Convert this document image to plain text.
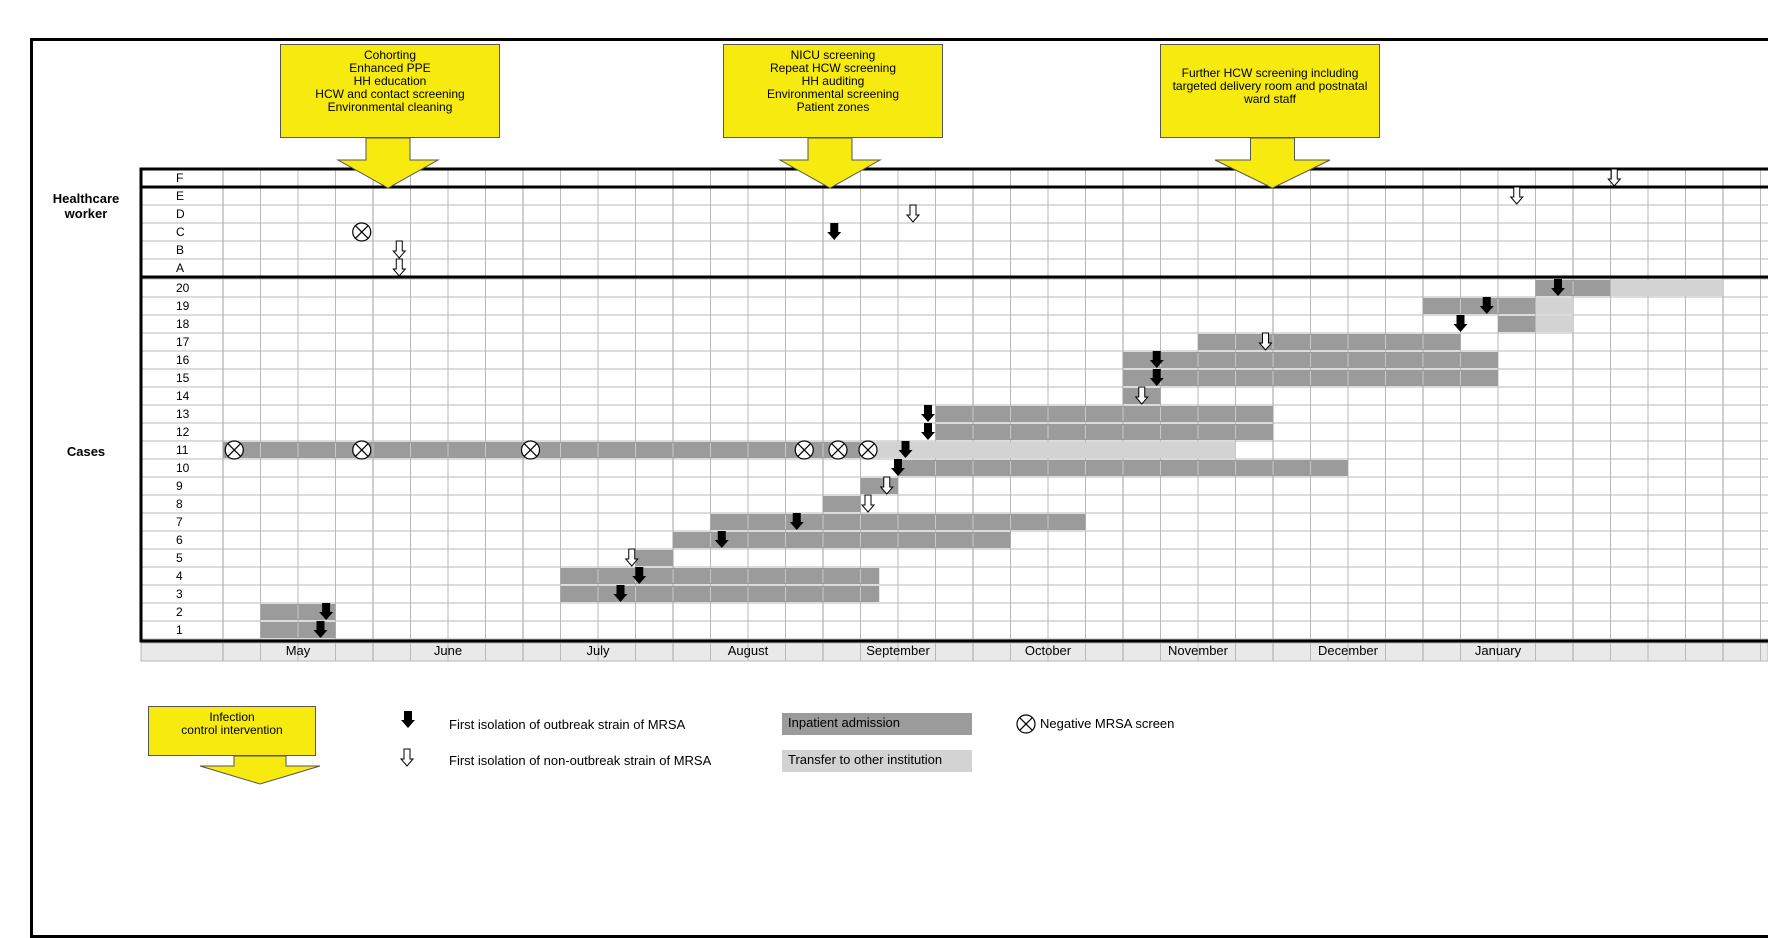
Cohorting
Enhanced PPE
HH education
HCW and contact screening
Environmental cleaning
NICU screening
Repeat HCW screening
HH auditing
Environmental screening
Patient zones
Further HCW screening including
targeted delivery room and postnatal
ward staff
Healthcare
worker
Cases
F
E
D
C
B
A
20
19
18
17
16
15
14
13
12
11
10
9
8
7
6
5
4
3
2
1
May	June	July	August	September	October	November	December	January
Infection
control intervention	First isolation of outbreak strain of MRSA
First isolation of non-outbreak strain of MRSA
Inpatient admission
Transfer to other institution
Negative MRSA screen
